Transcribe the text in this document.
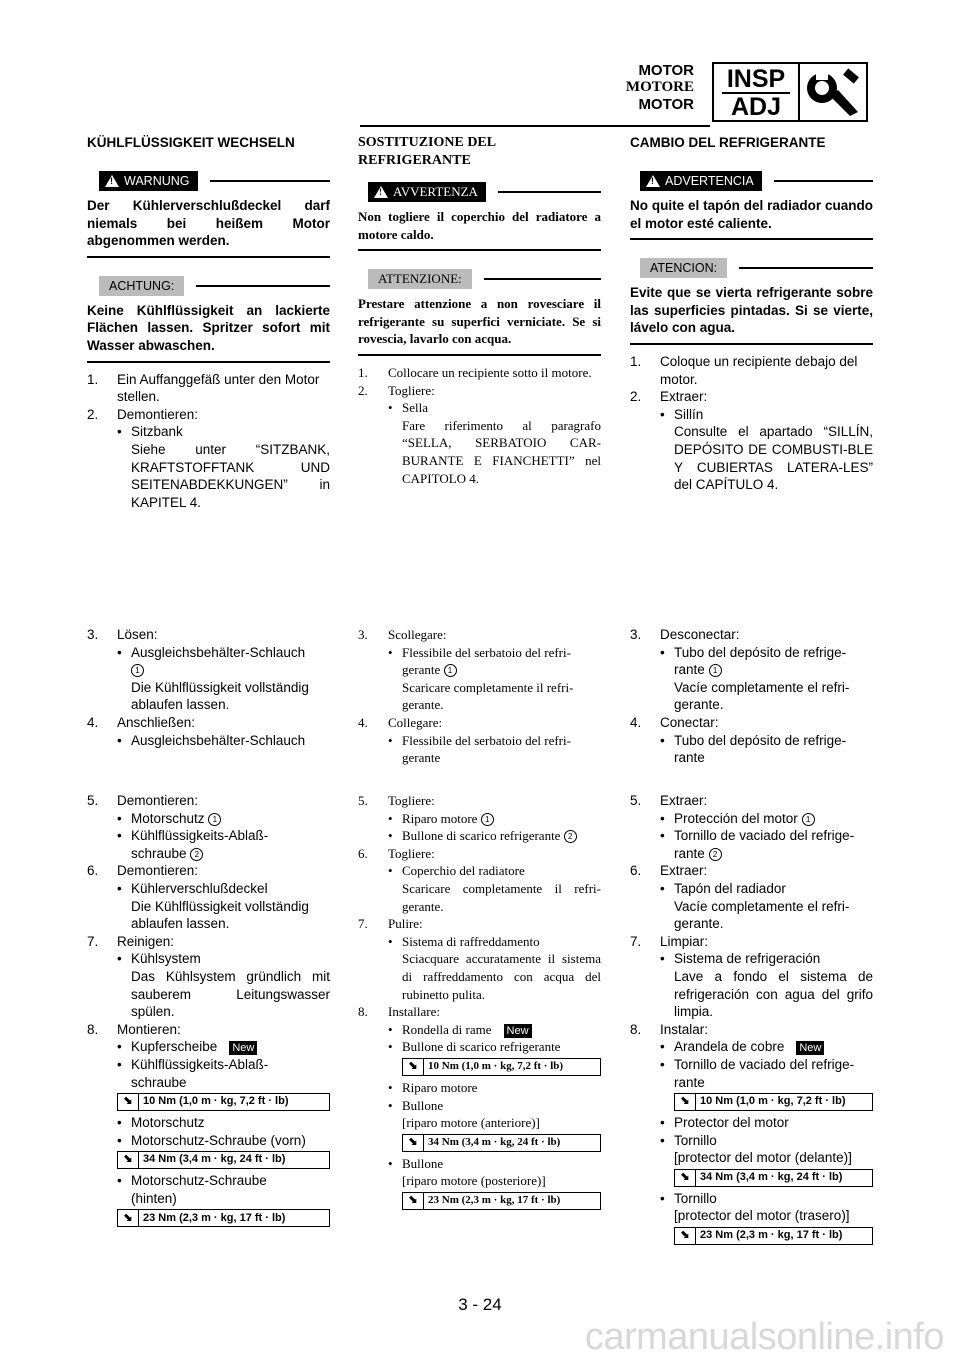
MOTOR
MOTORE
MOTOR
INSP
ADJ
KÜHLFLÜSSIGKEIT WECHSELN
!
WARNUNG
Der Kühlerverschlußdeckel darf niemals bei heißem Motor abgenommen werden.
ACHTUNG:
Keine Kühlflüssigkeit an lackierte Flächen lassen. Spritzer sofort mit Wasser abwaschen.
1.	Ein Auffanggefäß unter den Motor stellen.
2.	Demontieren:
• Sitzbank
Siehe unter “SITZBANK, KRAFTSTOFFTANK UND SEITENABDEKKUNGEN” in KAPITEL 4.
3.	Lösen:
• Ausgleichsbehälter-Schlauch
1
Die Kühlflüssigkeit vollständig ablaufen lassen.
4.	Anschließen:
• Ausgleichsbehälter-Schlauch
5.	Demontieren:
• Motorschutz 1
• Kühlflüssigkeits-Ablaß-schraube 2
6.	Demontieren:
• Kühlerverschlußdeckel
Die Kühlflüssigkeit vollständig ablaufen lassen.
7.	Reinigen:
• Kühlsystem
Das Kühlsystem gründlich mit sauberem Leitungswasser spülen.
8.	Montieren:
• Kupferscheibe New
• Kühlflüssigkeits-Ablaß-schraube
⬊ 10 Nm (1,0 m · kg, 7,2 ft · lb)
• Motorschutz
• Motorschutz-Schraube (vorn)
⬊ 34 Nm (3,4 m · kg, 24 ft · lb)
• Motorschutz-Schraube (hinten)
⬊ 23 Nm (2,3 m · kg, 17 ft · lb)
SOSTITUZIONE DEL REFRIGERANTE
!
AVVERTENZA
Non togliere il coperchio del radiatore a motore caldo.
ATTENZIONE:
Prestare attenzione a non rovesciare il refrigerante su superfici verniciate. Se si rovescia, lavarlo con acqua.
1.	Collocare un recipiente sotto il motore.
2.	Togliere:
• Sella
Fare riferimento al paragrafo “SELLA, SERBATOIO CAR-BURANTE E FIANCHETTI” nel CAPITOLO 4.
3.	Scollegare:
• Flessibile del serbatoio del refri-gerante 1
Scaricare completamente il refri-gerante.
4.	Collegare:
• Flessibile del serbatoio del refri-gerante
5.	Togliere:
• Riparo motore 1
• Bullone di scarico refrigerante 2
6.	Togliere:
• Coperchio del radiatore
Scaricare completamente il refri-gerante.
7.	Pulire:
• Sistema di raffreddamento
Sciacquare accuratamente il sistema di raffreddamento con acqua del rubinetto pulita.
8.	Installare:
• Rondella di rame New
• Bullone di scarico refrigerante
⬊ 10 Nm (1,0 m · kg, 7,2 ft · lb)
• Riparo motore
• Bullone
[riparo motore (anteriore)]
⬊ 34 Nm (3,4 m · kg, 24 ft · lb)
• Bullone
[riparo motore (posteriore)]
⬊ 23 Nm (2,3 m · kg, 17 ft · lb)
CAMBIO DEL REFRIGERANTE
!
ADVERTENCIA
No quite el tapón del radiador cuando el motor esté caliente.
ATENCION:
Evite que se vierta refrigerante sobre las superficies pintadas. Si se vierte, lávelo con agua.
1.	Coloque un recipiente debajo del motor.
2.	Extraer:
• Sillín
Consulte el apartado “SILLÍN, DEPÓSITO DE COMBUSTI-BLE Y CUBIERTAS LATERA-LES” del CAPÍTULO 4.
3.	Desconectar:
• Tubo del depósito de refrige-rante 1
Vacíe completamente el refri-gerante.
4.	Conectar:
• Tubo del depósito de refrige-rante
5.	Extraer:
• Protección del motor 1
• Tornillo de vaciado del refrige-rante 2
6.	Extraer:
• Tapón del radiador
Vacíe completamente el refri-gerante.
7.	Limpiar:
• Sistema de refrigeración
Lave a fondo el sistema de refrigeración con agua del grifo limpia.
8.	Instalar:
• Arandela de cobre New
• Tornillo de vaciado del refrige-rante
⬊ 10 Nm (1,0 m · kg, 7,2 ft · lb)
• Protector del motor
• Tornillo
[protector del motor (delante)]
⬊ 34 Nm (3,4 m · kg, 24 ft · lb)
• Tornillo
[protector del motor (trasero)]
⬊ 23 Nm (2,3 m · kg, 17 ft · lb)
3 - 24
carmanualsonline.info
